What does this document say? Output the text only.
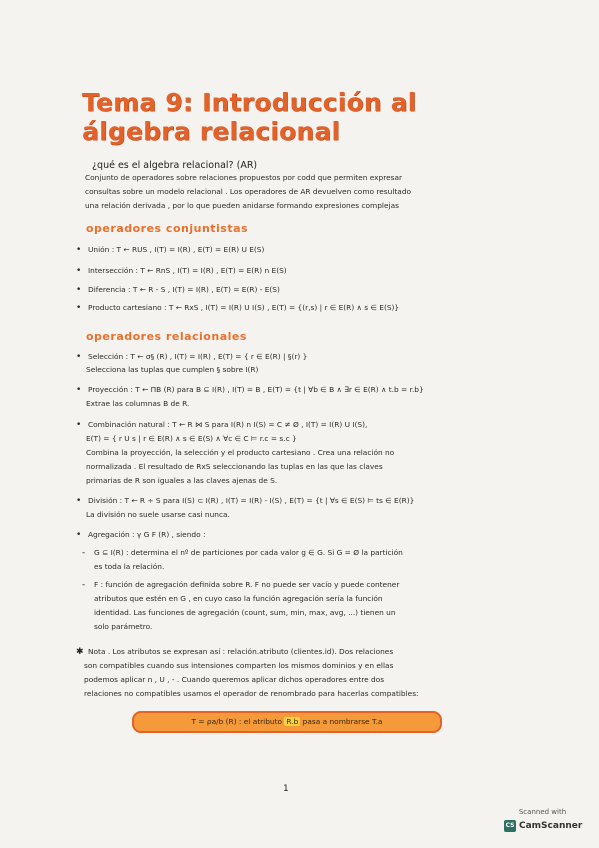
Tema 9: Introducción al álgebra relacional
¿qué es el algebra relacional? (AR)
Conjunto de operadores sobre relaciones propuestos por codd que permiten expresar
consultas sobre un modelo relacional . Los operadores de AR devuelven como resultado
una relación derivada , por lo que pueden anidarse formando expresiones complejas
operadores conjuntistas
• Unión : T ← RUS , I(T) = I(R) , E(T) = E(R) U E(S)
• Intersección : T ← RnS , I(T) = I(R) , E(T) = E(R) n E(S)
• Diferencia : T ← R - S , I(T) = I(R) , E(T) = E(R) - E(S)
• Producto cartesiano : T ← RxS , I(T) = I(R) U I(S) , E(T) = {(r,s) | r ∈ E(R) ∧ s ∈ E(S)}
operadores relacionales
• Selección : T ← σ§ (R) , I(T) = I(R) , E(T) = { r ∈ E(R) | §(r) }
Selecciona las tuplas que cumplen § sobre I(R)
• Proyección : T ← ΠB (R) para B ⊆ I(R) , I(T) = B , E(T) = {t | ∀b ∈ B ∧ ∃r ∈ E(R) ∧ t.b = r.b}
Extrae las columnas B de R.
• Combinación natural : T ← R ⋈ S para I(R) n I(S) = C ≠ Ø , I(T) = I(R) U I(S),
E(T) = { r U s | r ∈ E(R) ∧ s ∈ E(S) ∧ ∀c ∈ C ⊨ r.c = s.c }
Combina la proyección, la selección y el producto cartesiano . Crea una relación no
normalizada . El resultado de RxS seleccionando las tuplas en las que las claves
primarias de R son iguales a las claves ajenas de S.
• División : T ← R ÷ S para I(S) ⊂ I(R) , I(T) = I(R) - I(S) , E(T) = {t | ∀s ∈ E(S) ⊨ ts ∈ E(R)}
La división no suele usarse casi nunca.
• Agregación : γ G F (R) , siendo :
- G ⊆ I(R) : determina el nº de particiones por cada valor g ∈ G. Si G = Ø la partición
es toda la relación.
- F : función de agregación definida sobre R. F no puede ser vacío y puede contener
atributos que estén en G , en cuyo caso la función agregación sería la función
identidad. Las funciones de agregación (count, sum, min, max, avg, ...) tienen un
solo parámetro.
✱ Nota . Los atributos se expresan así : relación.atributo (clientes.id). Dos relaciones
son compatibles cuando sus intensiones comparten los mismos dominios y en ellas
podemos aplicar n , U , - . Cuando queremos aplicar dichos operadores entre dos
relaciones no compatibles usamos el operador de renombrado para hacerlas compatibles:
T = ρa/b (R) : el atributo R.b pasa a nombrarse T.a
1
Scanned with
CS CamScanner
